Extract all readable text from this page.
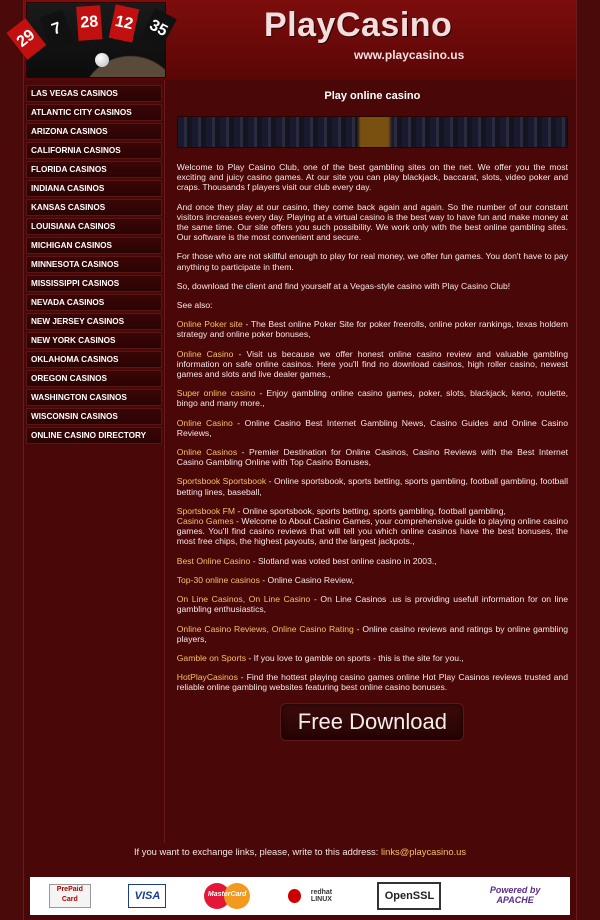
29 7	28 12 35	PlayCasino
www.playcasino.us
LAS VEGAS CASINOS
ATLANTIC CITY CASINOS
ARIZONA CASINOS
CALIFORNIA CASINOS
FLORIDA CASINOS
INDIANA CASINOS
KANSAS CASINOS
LOUISIANA CASINOS
MICHIGAN CASINOS
MINNESOTA CASINOS
MISSISSIPPI CASINOS
NEVADA CASINOS
NEW JERSEY CASINOS
NEW YORK CASINOS
OKLAHOMA CASINOS
OREGON CASINOS
WASHINGTON CASINOS
WISCONSIN CASINOS
ONLINE CASINO DIRECTORY
Play online casino

Welcome to Play Casino Club, one of the best gambling sites on the net. We offer you the most exciting and juicy casino games. At our site you can play blackjack, baccarat, slots, video poker and craps. Thousands f players visit our club every day.

And once they play at our casino, they come back again and again. So the number of our constant visitors increases every day. Playing at a virtual casino is the best way to have fun and make money at the same time. Our site offers you such possibility. We work only with the best online gambling sites. Our software is the most convenient and secure.

For those who are not skillful enough to play for real money, we offer fun games. You don't have to pay anything to participate in them.

So, download the client and find yourself at a Vegas-style casino with Play Casino Club!

See also:

Online Poker site - The Best online Poker Site for poker freerolls, online poker rankings, texas holdem strategy and online poker bonuses,

Online Casino - Visit us because we offer honest online casino review and valuable gambling information on safe online casinos. Here you'll find no download casinos, high roller casino, newest games and slots and live dealer games.,

Super online casino - Enjoy gambling online casino games, poker, slots, blackjack, keno, roulette, bingo and many more.,

Online Casino - Online Casino Best Internet Gambling News, Casino Guides and Online Casino Reviews,

Online Casinos - Premier Destination for Online Casinos, Casino Reviews with the Best Internet Casino Gambling Online with Top Casino Bonuses,

Sportsbook Sportsbook - Online sportsbook, sports betting, sports gambling, football gambling, football betting lines, baseball,

Sportsbook FM - Online sportsbook, sports betting, sports gambling, football gambling,
Casino Games - Welcome to About Casino Games, your comprehensive guide to playing online casino games. You'll find casino reviews that will tell you which online casinos have the best bonuses, the most free chips, the highest payouts, and the largest jackpots.,

Best Online Casino - Slotland was voted best online casino in 2003.,

Top-30 online casinos - Online Casino Review,

On Line Casinos, On Line Casino - On Line Casinos .us is providing usefull information for on line gambling enthusiastics,

Online Casino Reviews, Online Casino Rating - Online casino reviews and ratings by online gambling players,

Gamble on Sports - If you love to gamble on sports - this is the site for you.,

HotPlayCasinos - Find the hottest playing casino games online Hot Play Casinos reviews trusted and reliable online gambling websites featuring best online casino bonuses.

Free Download
If you want to exchange links, please, write to this address: links@playcasino.us
PrePaid Card	VISA	MasterCard	redhat LINUX	OpenSSL	Powered by APACHE
